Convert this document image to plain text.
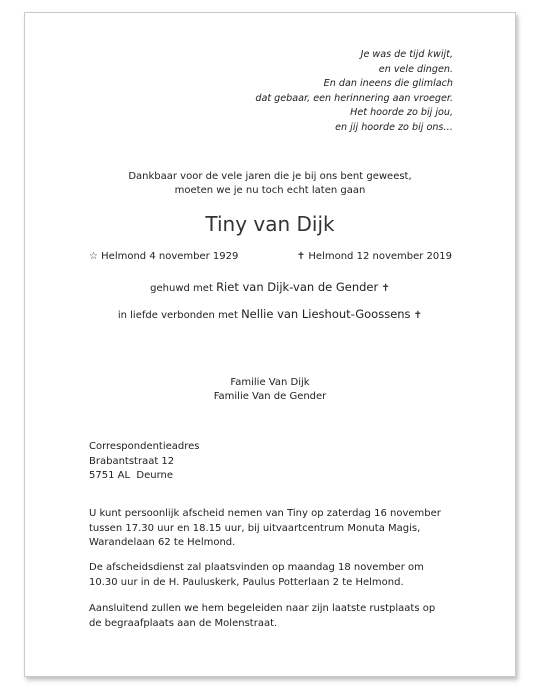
Je was de tijd kwijt,
en vele dingen.
En dan ineens die glimlach
dat gebaar, een herinnering aan vroeger.
Het hoorde zo bij jou,
en jij hoorde zo bij ons…
Dankbaar voor de vele jaren die je bij ons bent geweest,
moeten we je nu toch echt laten gaan
Tiny van Dijk
☆ Helmond 4 november 1929	✝ Helmond 12 november 2019
gehuwd met Riet van Dijk-van de Gender ✝
in liefde verbonden met Nellie van Lieshout-Goossens ✝
Familie Van Dijk
Familie Van de Gender
Correspondentieadres
Brabantstraat 12
5751 AL  Deurne
U kunt persoonlijk afscheid nemen van Tiny op zaterdag 16 november
tussen 17.30 uur en 18.15 uur, bij uitvaartcentrum Monuta Magis,
Warandelaan 62 te Helmond.
De afscheidsdienst zal plaatsvinden op maandag 18 november om
10.30 uur in de H. Pauluskerk, Paulus Potterlaan 2 te Helmond.
Aansluitend zullen we hem begeleiden naar zijn laatste rustplaats op
de begraafplaats aan de Molenstraat.
